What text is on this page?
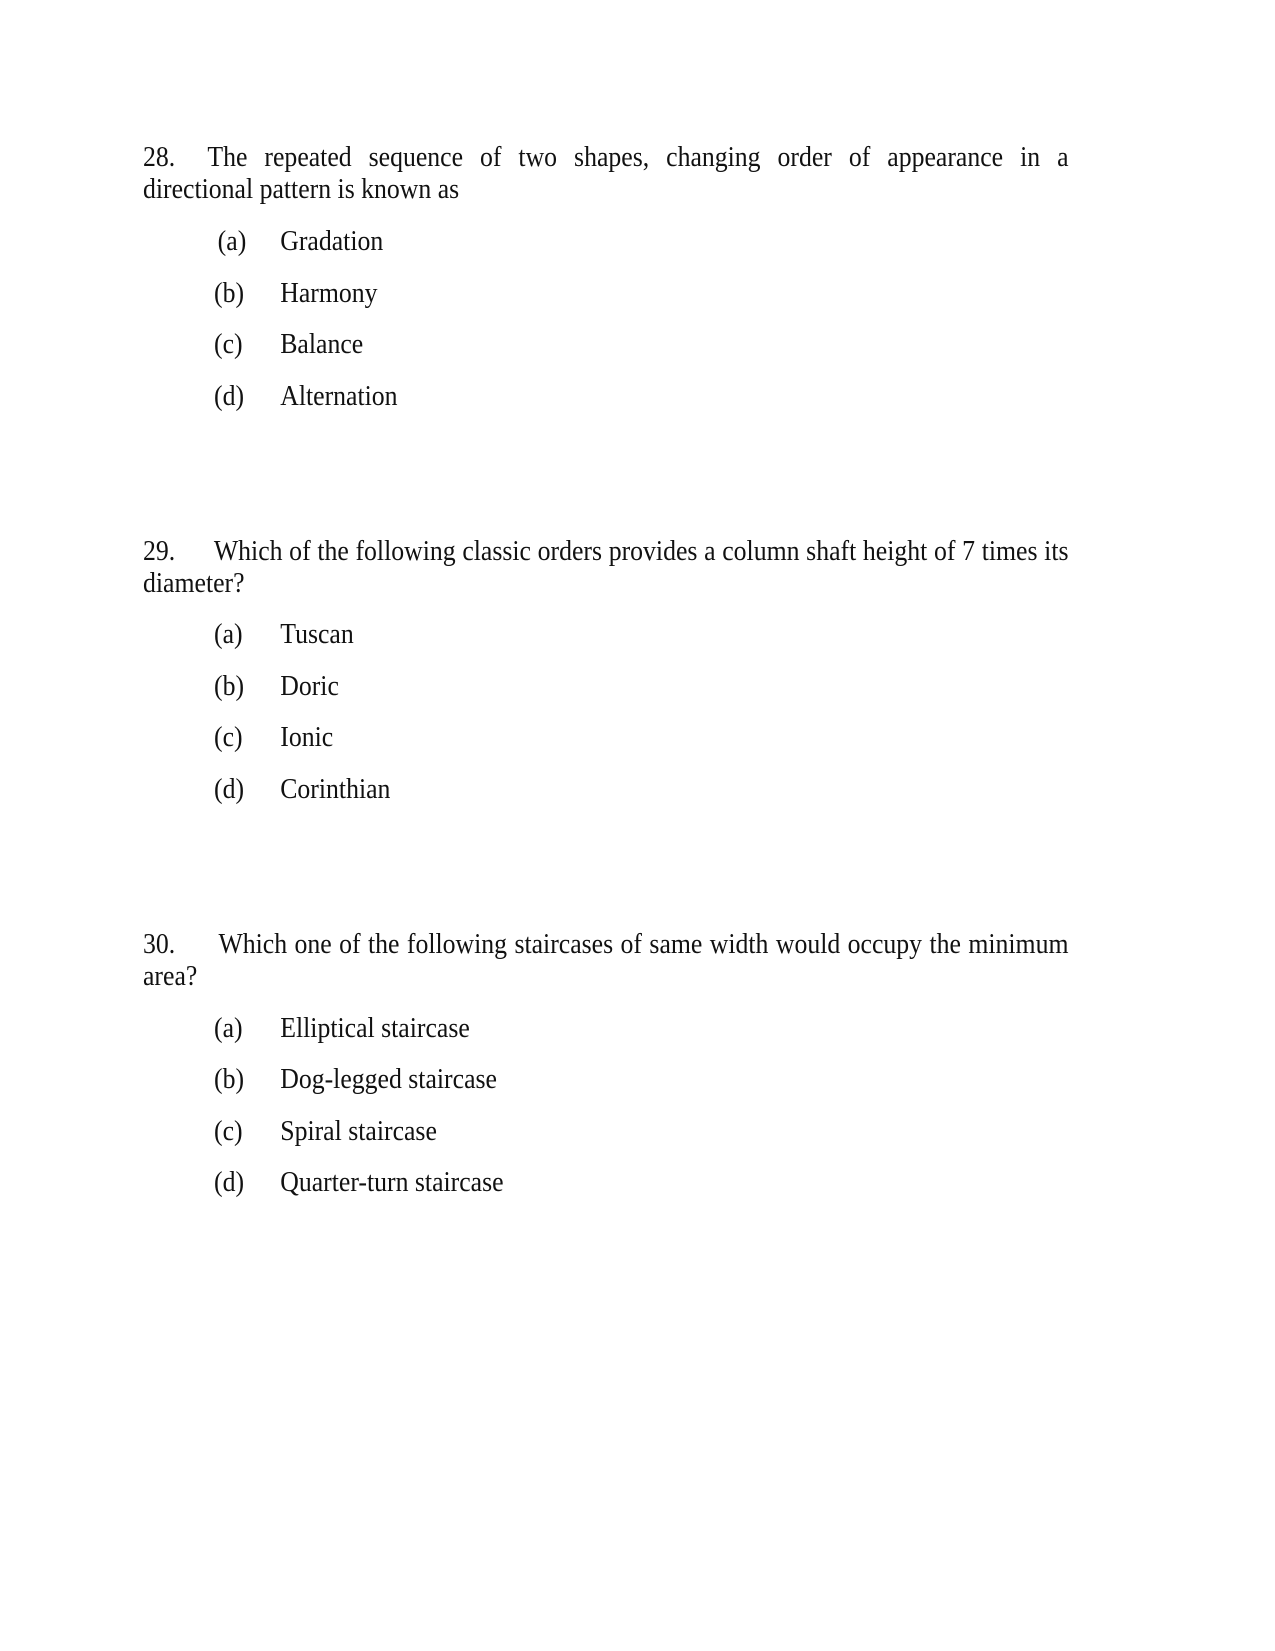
28. The repeated sequence of two shapes, changing order of appearance in a directional pattern is known as
(a) Gradation
(b) Harmony
(c) Balance
(d) Alternation
29. Which of the following classic orders provides a column shaft height of 7 times its diameter?
(a) Tuscan
(b) Doric
(c) Ionic
(d) Corinthian
30. Which one of the following staircases of same width would occupy the minimum area?
(a) Elliptical staircase
(b) Dog-legged staircase
(c) Spiral staircase
(d) Quarter-turn staircase
